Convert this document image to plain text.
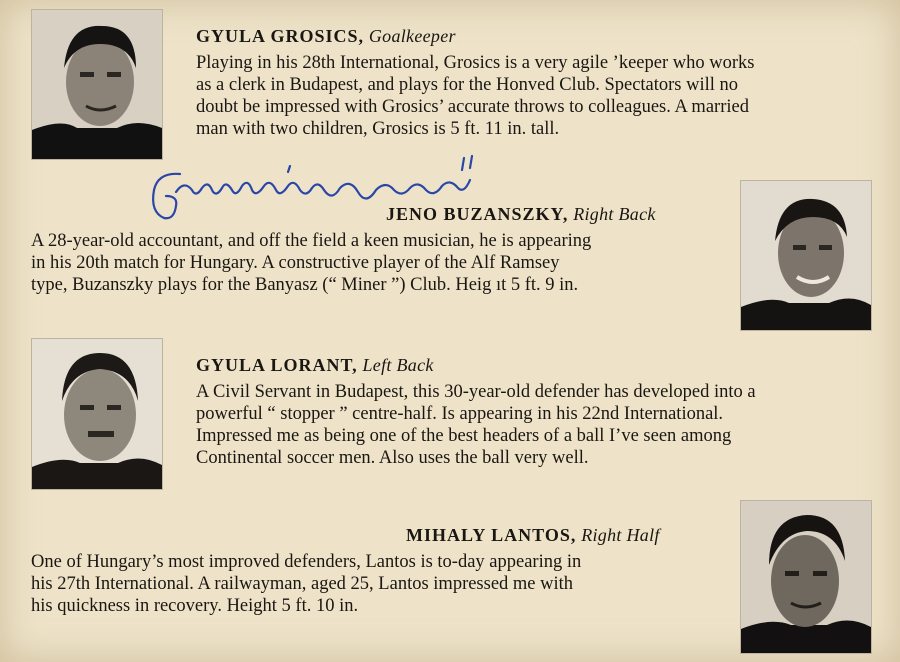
GYULA GROSICS, Goalkeeper

Playing in his 28th International, Grosics is a very agile ’keeper who works
as a clerk in Budapest, and plays for the Honved Club. Spectators will no
doubt be impressed with Grosics’ accurate throws to colleagues. A married
man with two children, Grosics is 5 ft. 11 in. tall.

JENO BUZANSZKY, Right Back

A 28-year-old accountant, and off the field a keen musician, he is appearing
in his 20th match for Hungary. A constructive player of the Alf Ramsey
type, Buzanszky plays for the Banyasz (“ Miner ”) Club. Heig ıt 5 ft. 9 in.

GYULA LORANT, Left Back

A Civil Servant in Budapest, this 30-year-old defender has developed into a
powerful “ stopper ” centre-half. Is appearing in his 22nd International.
Impressed me as being one of the best headers of a ball I’ve seen among
Continental soccer men. Also uses the ball very well.

MIHALY LANTOS, Right Half

One of Hungary’s most improved defenders, Lantos is to-day appearing in
his 27th International. A railwayman, aged 25, Lantos impressed me with
his quickness in recovery. Height 5 ft. 10 in.
